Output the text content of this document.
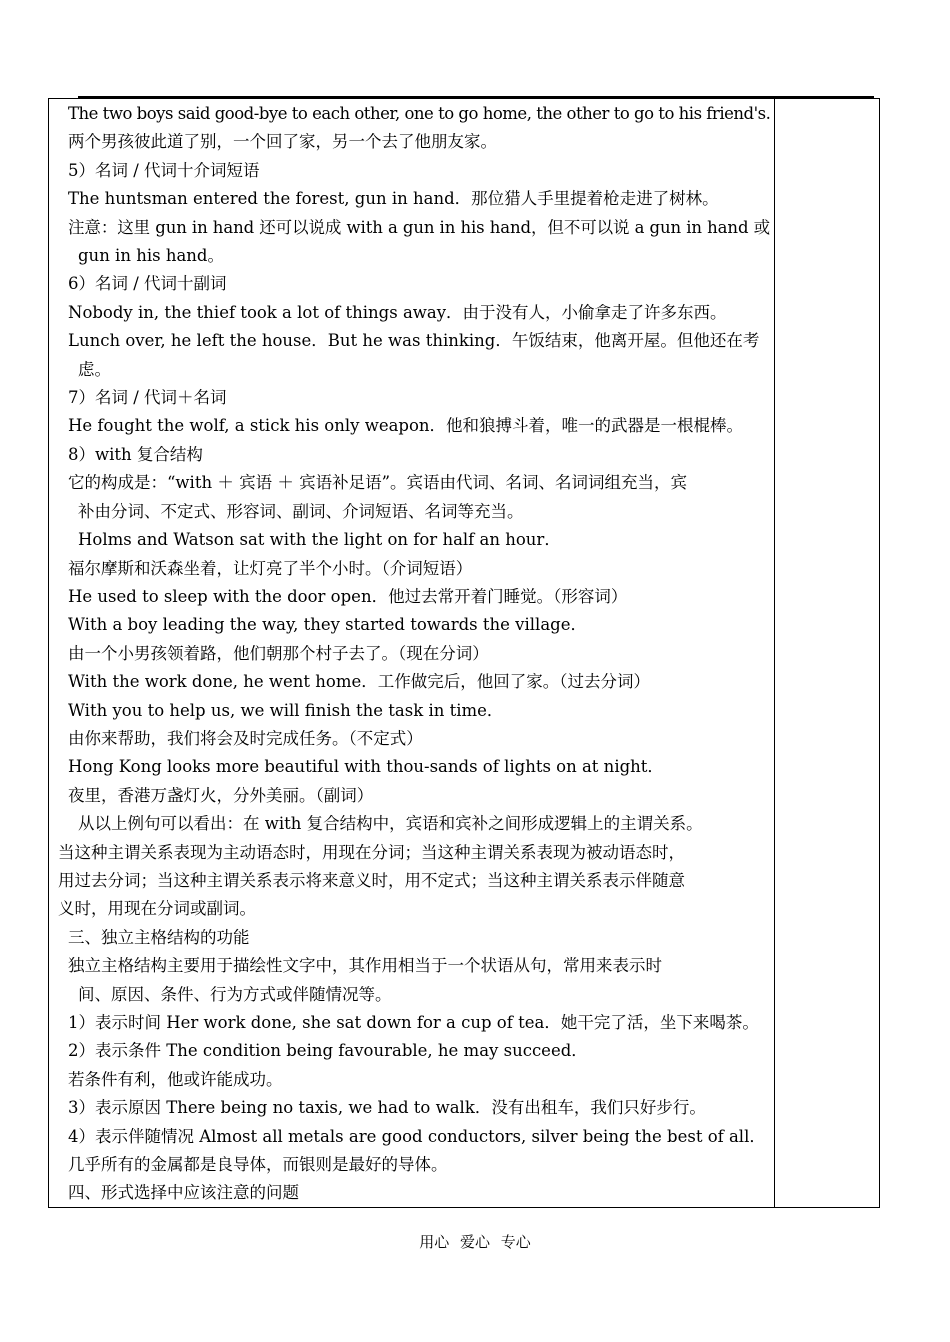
The two boys said good-bye to each other, one to go home, the other to go to his friend's.
两个男孩彼此道了别，一个回了家，另一个去了他朋友家。
5）名词 / 代词十介词短语
The huntsman entered the forest, gun in hand．那位猎人手里提着枪走进了树林。
注意：这里 gun in hand 还可以说成 with a gun in his hand，但不可以说 a gun in hand 或
gun in his hand。
6）名词 / 代词十副词
Nobody in, the thief took a lot of things away．由于没有人，小偷拿走了许多东西。
Lunch over, he left the house．But he was thinking．午饭结束，他离开屋。但他还在考
虑。
7）名词 / 代词＋名词
He fought the wolf, a stick his only weapon．他和狼搏斗着，唯一的武器是一根棍棒。
8）with 复合结构
它的构成是：“with ＋ 宾语 ＋ 宾语补足语”。宾语由代词、名词、名词词组充当，宾
补由分词、不定式、形容词、副词、介词短语、名词等充当。
Holms and Watson sat with the light on for half an hour．
福尔摩斯和沃森坐着，让灯亮了半个小时。（介词短语）
He used to sleep with the door open．他过去常开着门睡觉。（形容词）
With a boy leading the way, they started towards the village．
由一个小男孩领着路，他们朝那个村子去了。（现在分词）
With the work done, he went home．工作做完后，他回了家。（过去分词）
With you to help us, we will finish the task in time．
由你来帮助，我们将会及时完成任务。（不定式）
Hong Kong looks more beautiful with thou-sands of lights on at night．
夜里，香港万盏灯火，分外美丽。（副词）
从以上例句可以看出：在 with 复合结构中，宾语和宾补之间形成逻辑上的主谓关系。
当这种主谓关系表现为主动语态时，用现在分词；当这种主谓关系表现为被动语态时，
用过去分词；当这种主谓关系表示将来意义时，用不定式；当这种主谓关系表示伴随意
义时，用现在分词或副词。
三、独立主格结构的功能
独立主格结构主要用于描绘性文字中，其作用相当于一个状语从句，常用来表示时
间、原因、条件、行为方式或伴随情况等。
1）表示时间 Her work done, she sat down for a cup of tea．她干完了活，坐下来喝茶。
2）表示条件 The condition being favourable, he may succeed．
若条件有利，他或许能成功。
3）表示原因 There being no taxis, we had to walk．没有出租车，我们只好步行。
4）表示伴随情况 Almost all metals are good conductors, silver being the best of all．
几乎所有的金属都是良导体，而银则是最好的导体。
四、形式选择中应该注意的问题
用心 爱心 专心
